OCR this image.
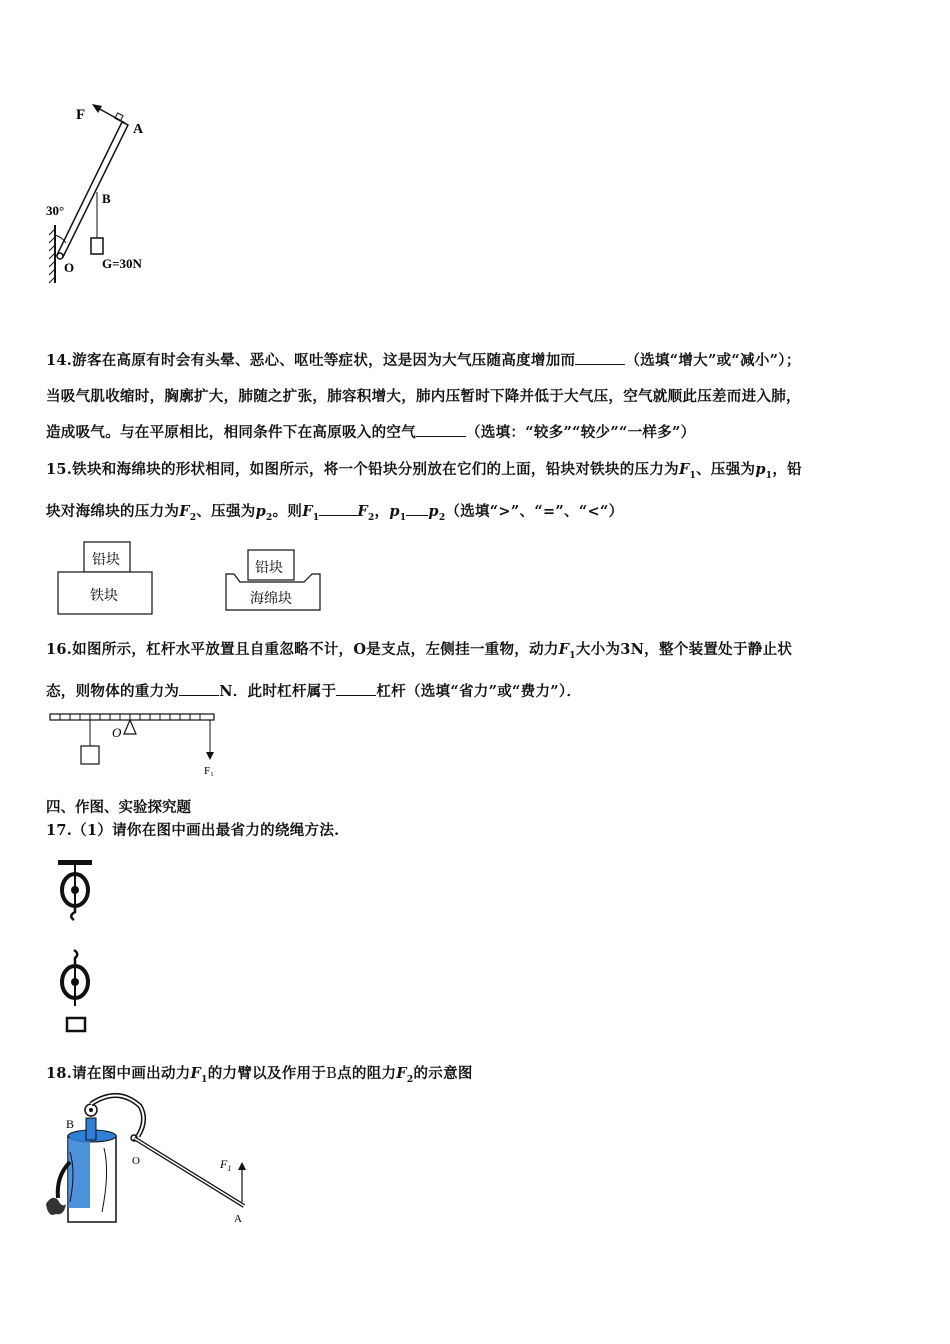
F
A
B
30°
O G=30N
14.游客在高原有时会有头晕、恶心、呕吐等症状，这是因为大气压随高度增加而	（选填“增大”或“减小”）；
当吸气肌收缩时，胸廓扩大，肺随之扩张，肺容积增大，肺内压暂时下降并低于大气压，空气就顺此压差而进入肺，
造成吸气。与在平原相比，相同条件下在高原吸入的空气	（选填：“较多”“较少”“一样多”）
15.铁块和海绵块的形状相同，如图所示，将一个铅块分别放在它们的上面，铅块对铁块的压力为$F_1$、压强为$p_1$，铅
块对海绵块的压力为$F_2$、压强为$p_2$。则$F_1$	$F_2$，$p_1$ $p_2$（选填“>”、“=”、“<“）
铅块
铁块
铅块
海绵块
16.如图所示，杠杆水平放置且自重忽略不计，O是支点，左侧挂一重物，动力$F_1$大小为3N，整个装置处于静止状
态，则物体的重力为	N．此时杠杆属于	杠杆（选填“省力”或“费力”）．
O
F₁
四、作图、实验探究题
17.（1）请你在图中画出最省力的绕绳方法.
18.请在图中画出动力$F_1$的力臂以及作用于B点的阻力$F_2$的示意图
B
O
A
$F_1$
